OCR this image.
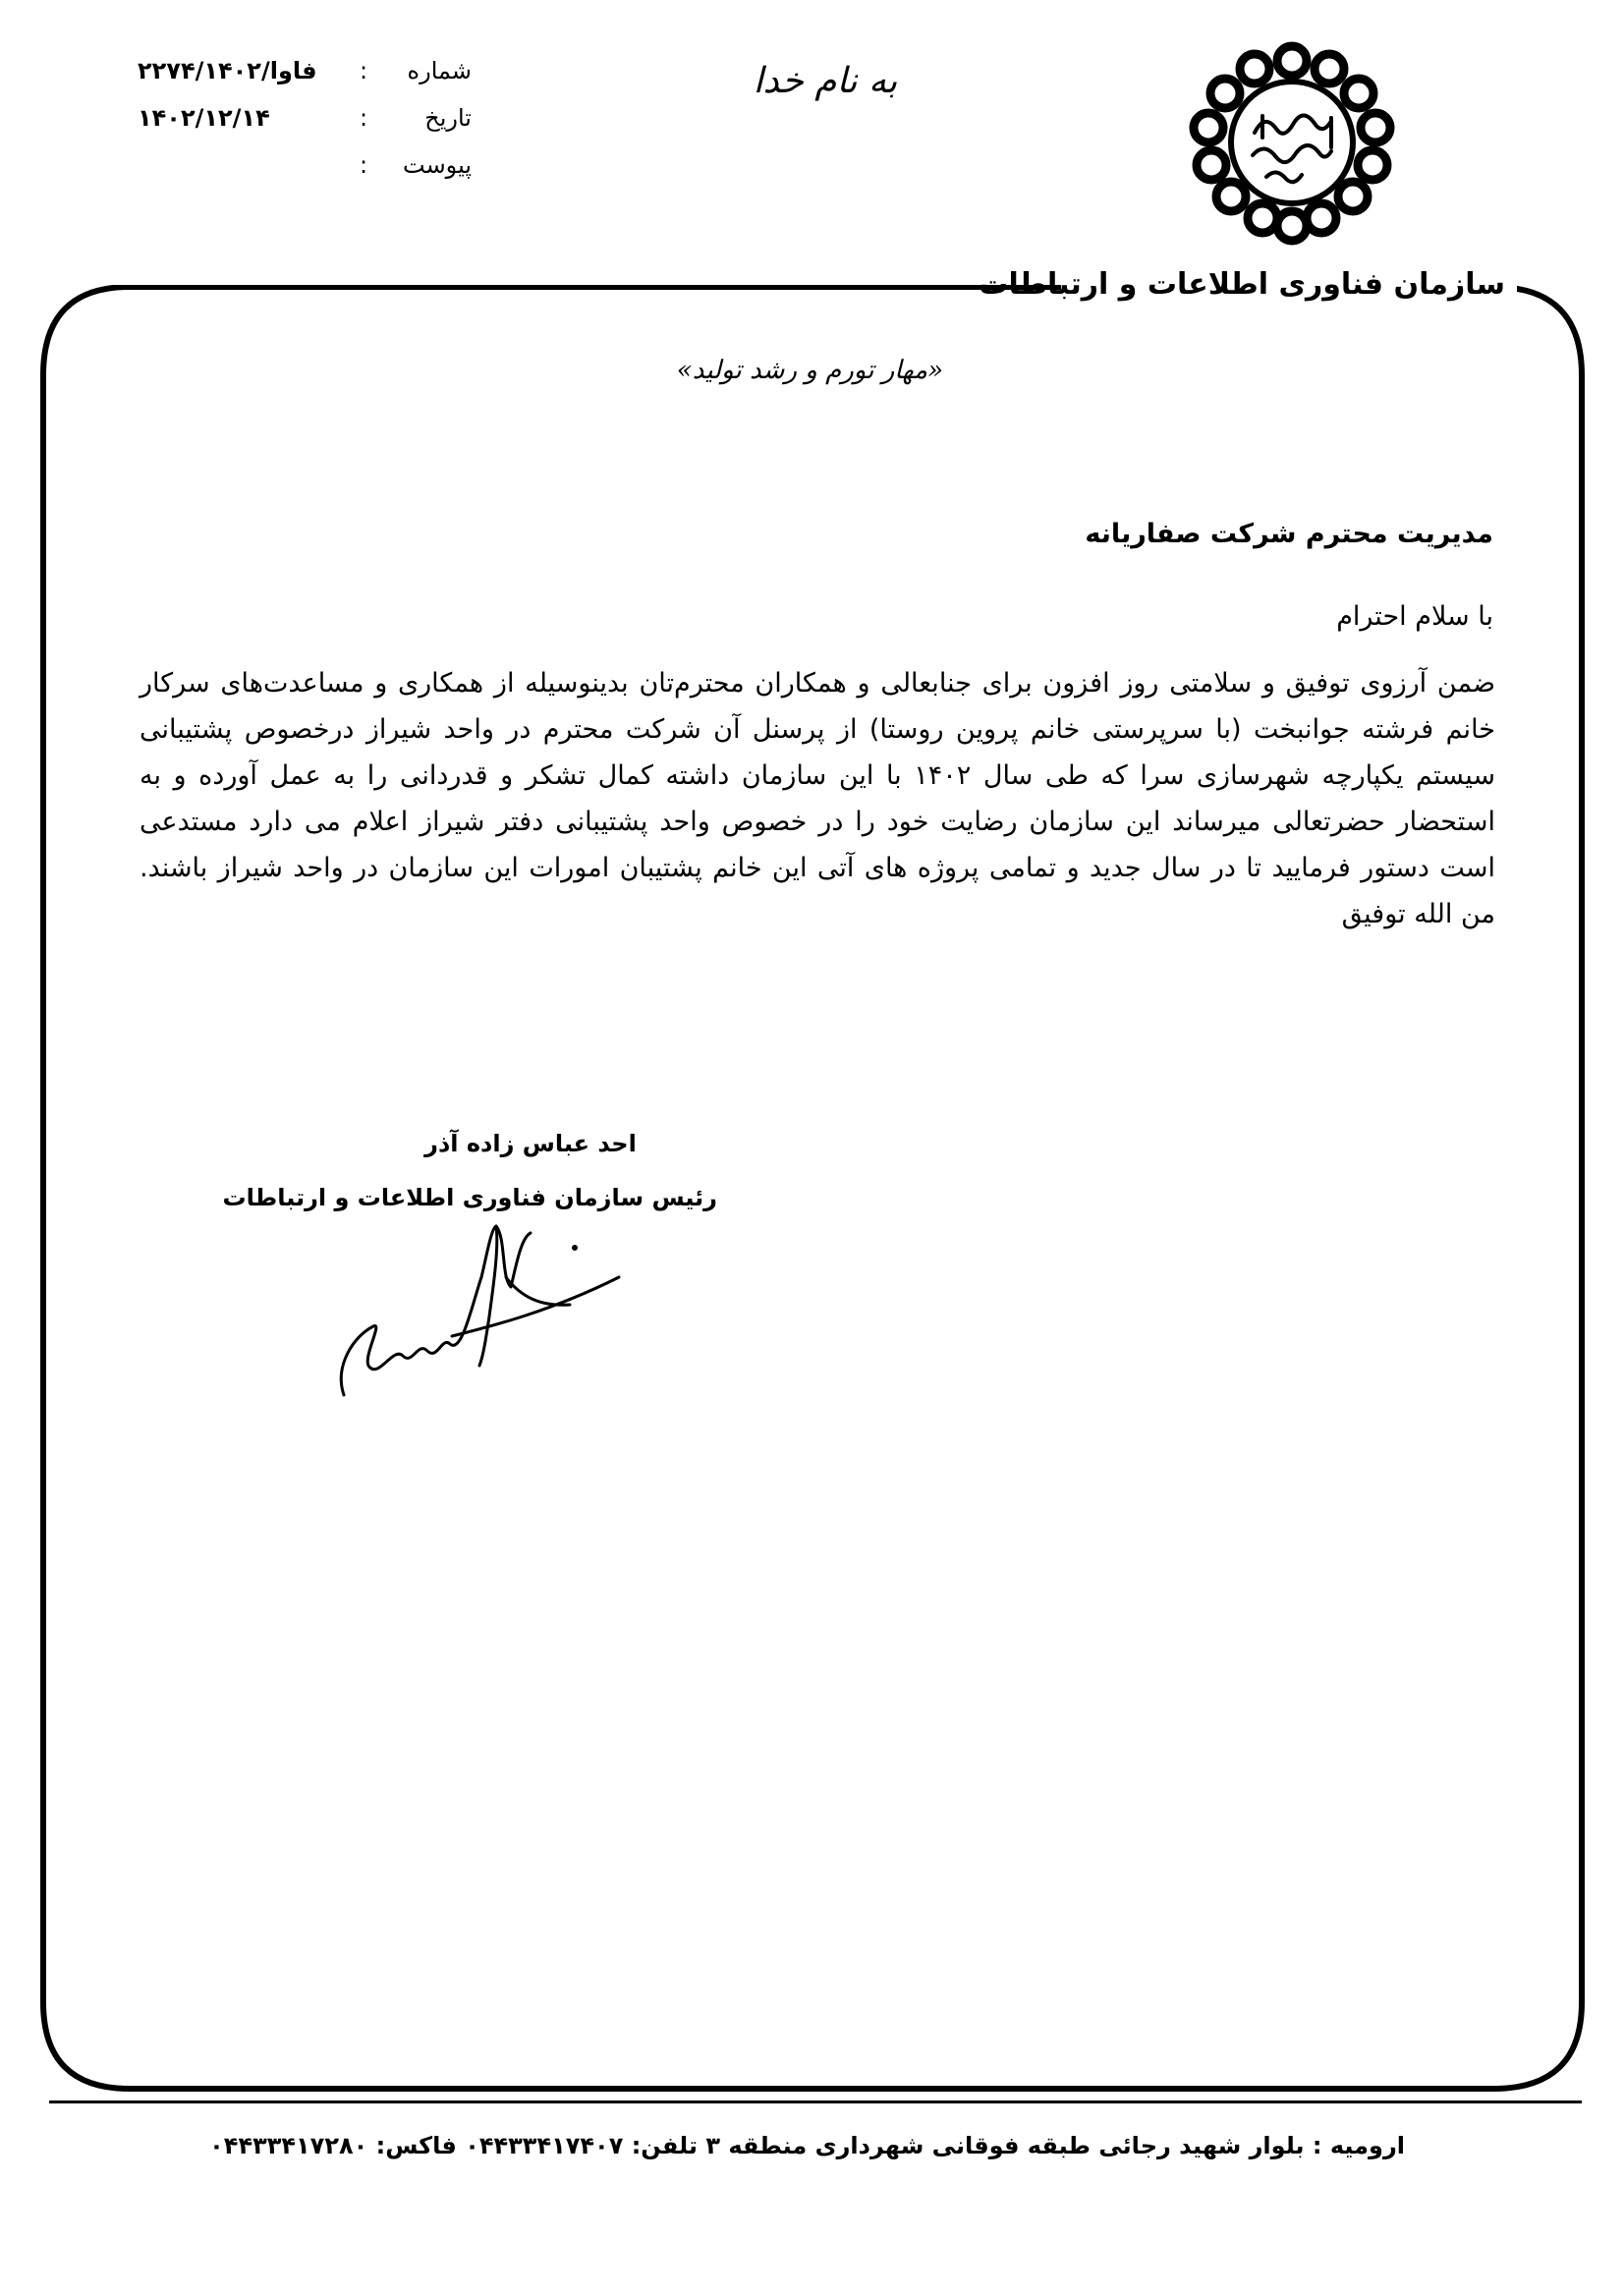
به نام خدا
شماره
:
۲۲۷۴/فاوا/۱۴۰۲
تاریخ
:
۱۴۰۲/۱۲/۱۴
پیوست
:
سازمان فناوری اطلاعات و ارتباطات
«مهار تورم و رشد تولید»
مدیریت محترم شرکت صفاریانه
با سلام احترام
ضمن آرزوی توفیق و سلامتی روز افزون برای جنابعالی و همکاران محترم‌تان بدینوسیله از همکاری و مساعدت‌های سرکار خانم فرشته جوانبخت (با سرپرستی خانم پروین روستا) از پرسنل آن شرکت محترم در واحد شیراز درخصوص پشتیبانی سیستم یکپارچه شهرسازی سرا که طی سال ۱۴۰۲ با این سازمان داشته کمال تشکر و قدردانی را به عمل آورده و به استحضار حضرتعالی میرساند این سازمان رضایت خود را در خصوص واحد پشتیبانی دفتر شیراز اعلام می دارد مستدعی است دستور فرمایید تا در سال جدید و تمامی پروژه های آتی این خانم پشتیبان امورات این سازمان در واحد شیراز باشند. من الله توفیق
احد عباس زاده آذر
رئیس سازمان فناوری اطلاعات و ارتباطات
ارومیه : بلوار شهید رجائی طبقه فوقانی شهرداری منطقه ۳ تلفن: ۰۴۴۳۳۴۱۷۴۰۷ فاکس: ۰۴۴۳۳۴۱۷۲۸۰
